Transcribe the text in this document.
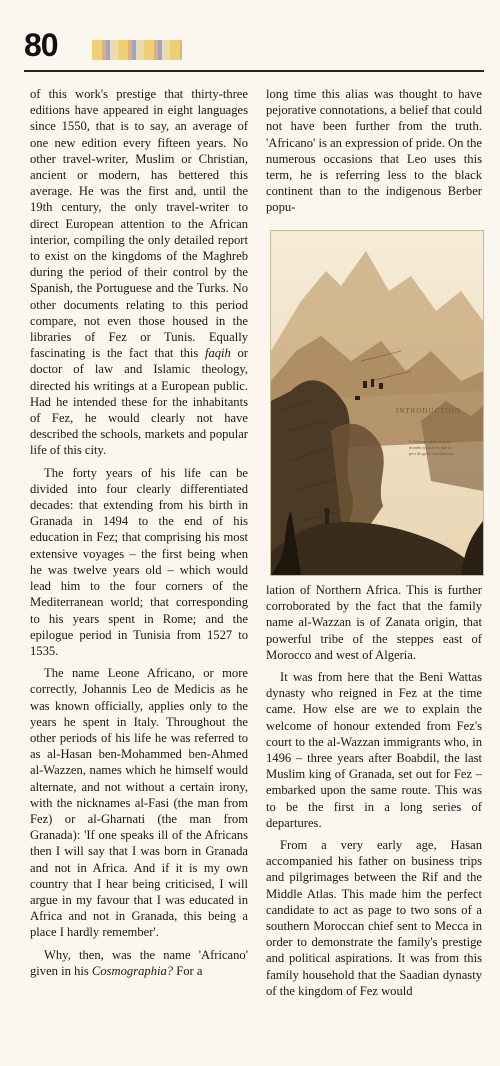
80

of this work's prestige that thirty-three editions have appeared in eight languages since 1550, that is to say, an average of one new edition every fifteen years. No other travel-writer, Muslim or Christian, ancient or modern, has bettered this average. He was the first and, until the 19th century, the only travel-writer to direct European attention to the African interior, compiling the only detailed report to exist on the kingdoms of the Maghreb during the period of their control by the Spanish, the Portuguese and the Turks. No other documents relating to this period compare, not even those housed in the libraries of Fez or Tunis. Equally fascinating is the fact that this faqih or doctor of law and Islamic theology, directed his writings at a European public. Had he intended these for the inhabitants of Fez, he would clearly not have described the schools, markets and popular life of this city.

The forty years of his life can be divided into four clearly differentiated decades: that extending from his birth in Granada in 1494 to the end of his education in Fez; that comprising his most extensive voyages – the first being when he was twelve years old – which would lead him to the four corners of the Mediterranean world; that corresponding to his years spent in Rome; and the epilogue period in Tunisia from 1527 to 1535.

The name Leone Africano, or more correctly, Johannis Leo de Medicis as he was known officially, applies only to the years he spent in Italy. Throughout the other periods of his life he was referred to as al-Hasan ben-Mohammed ben-Ahmed al-Wazzen, names which he himself would alternate, and not without a certain irony, with the nicknames al-Fasi (the man from Fez) or al-Gharnati (the man from Granada): 'If one speaks ill of the Africans then I will say that I was born in Granada and not in Africa. And if it is my own country that I hear being criticised, I will argue in my favour that I was educated in Africa and not in Granada, this being a place I hardly remember'.

Why, then, was the name 'Africano' given in his Cosmographia? For a

long time this alias was thought to have pejorative connotations, a belief that could not have been further from the truth. 'Africano' is an expression of pride. On the numerous occasions that Leo uses this term, he is referring less to the black continent than to the indigenous Berber popu-

INTRODUCTION.
L'Afrique, dont tout le
monde a parlé et que si
peu de gens connaissent.

lation of Northern Africa. This is further corroborated by the fact that the family name al-Wazzan is of Zanata origin, that powerful tribe of the steppes east of Morocco and west of Algeria.

It was from here that the Beni Wattas dynasty who reigned in Fez at the time came. How else are we to explain the welcome of honour extended from Fez's court to the al-Wazzan immigrants who, in 1496 – three years after Boabdil, the last Muslim king of Granada, set out for Fez – embarked upon the same route. This was to be the first in a long series of departures.

From a very early age, Hasan accompanied his father on business trips and pilgrimages between the Rif and the Middle Atlas. This made him the perfect candidate to act as page to two sons of a southern Moroccan chief sent to Mecca in order to demonstrate the family's prestige and political aspirations. It was from this family household that the Saadian dynasty of the kingdom of Fez would
